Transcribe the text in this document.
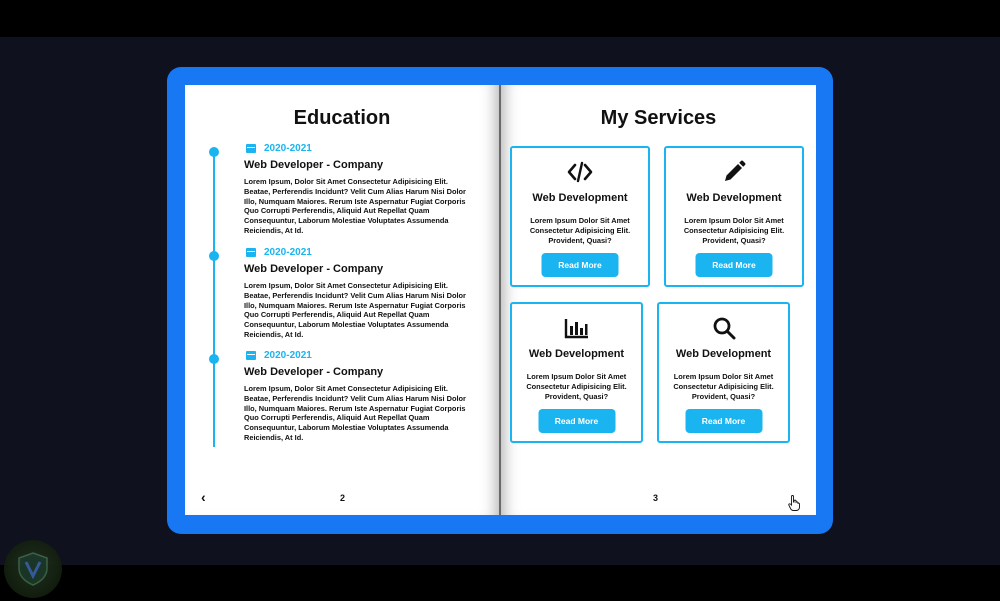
Education
2020-2021
Web Developer - Company
Lorem Ipsum, Dolor Sit Amet Consectetur Adipisicing Elit. Beatae, Perferendis Incidunt? Velit Cum Alias Harum Nisi Dolor Illo, Numquam Maiores. Rerum Iste Aspernatur Fugiat Corporis Quo Corrupti Perferendis, Aliquid Aut Repellat Quam Consequuntur, Laborum Molestiae Voluptates Assumenda Reiciendis, At Id.
2020-2021
Web Developer - Company
Lorem Ipsum, Dolor Sit Amet Consectetur Adipisicing Elit. Beatae, Perferendis Incidunt? Velit Cum Alias Harum Nisi Dolor Illo, Numquam Maiores. Rerum Iste Aspernatur Fugiat Corporis Quo Corrupti Perferendis, Aliquid Aut Repellat Quam Consequuntur, Laborum Molestiae Voluptates Assumenda Reiciendis, At Id.
2020-2021
Web Developer - Company
Lorem Ipsum, Dolor Sit Amet Consectetur Adipisicing Elit. Beatae, Perferendis Incidunt? Velit Cum Alias Harum Nisi Dolor Illo, Numquam Maiores. Rerum Iste Aspernatur Fugiat Corporis Quo Corrupti Perferendis, Aliquid Aut Repellat Quam Consequuntur, Laborum Molestiae Voluptates Assumenda Reiciendis, At Id.
‹	2
My Services
Web Development
Lorem Ipsum Dolor Sit Amet Consectetur Adipisicing Elit. Provident, Quasi?
Read More
Web Development
Lorem Ipsum Dolor Sit Amet Consectetur Adipisicing Elit. Provident, Quasi?
Read More
Web Development
Lorem Ipsum Dolor Sit Amet Consectetur Adipisicing Elit. Provident, Quasi?
Read More
Web Development
Lorem Ipsum Dolor Sit Amet Consectetur Adipisicing Elit. Provident, Quasi?
Read More
3
